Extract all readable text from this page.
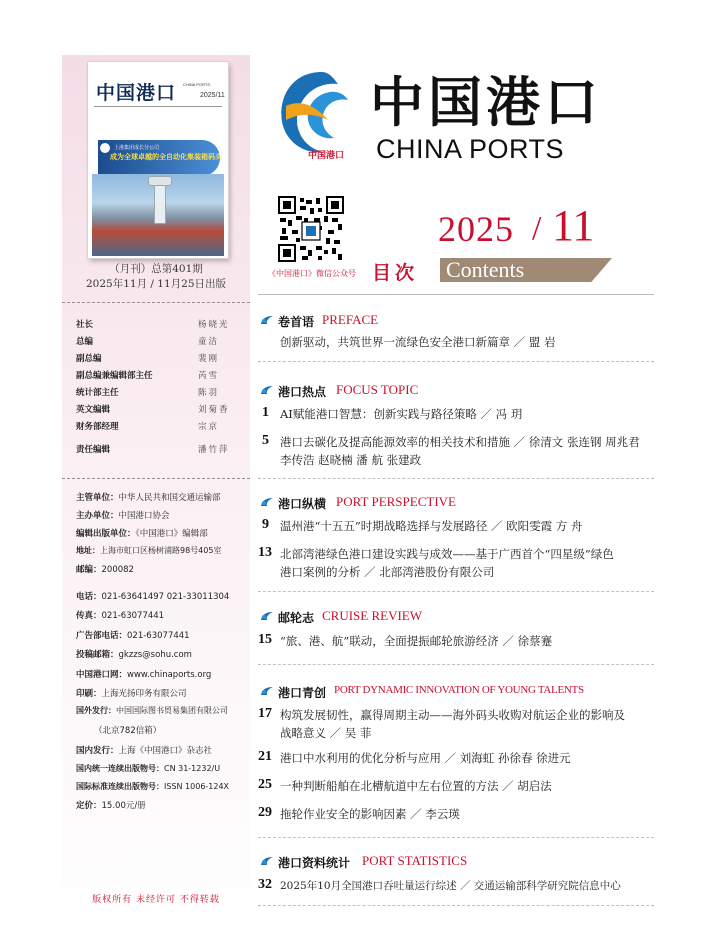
中国港口 CHINA PORTS
2025/11
上港集团成长分公司
成为全球卓越的全自动化集装箱码头
（月刊）总第401期
2025年11月 / 11月25日出版
社长	杨晓光
总编	童洁
副总编	裴刚
副总编兼编辑部主任	芮雪
统计部主任	陈羽
英文编辑	刘菊香
财务部经理	宗京
责任编辑	潘竹萍
主管单位：中华人民共和国交通运输部
主办单位：中国港口协会
编辑出版单位：《中国港口》编辑部
地址：上海市虹口区杨树浦路98号405室
邮编：200082
电话：021-63641497 021-33011304
传真：021-63077441
广告部电话：021-63077441
投稿邮箱：gkzzs@sohu.com
中国港口网：www.chinaports.org
印刷：上海光扬印务有限公司
国外发行：中国国际图书贸易集团有限公司
（北京782信箱）
国内发行：上海《中国港口》杂志社
国内统一连续出版物号：CN 31-1232/U
国际标准连续出版物号：ISSN 1006-124X
定价：15.00元/册
版权所有 未经许可 不得转载
中国港口
中国港口
CHINA PORTS
《中国港口》微信公众号
2025 / 11
目次 Contents
卷首语 PREFACE
创新驱动，共筑世界一流绿色安全港口新篇章 ／ 盟 岩
港口热点 FOCUS TOPIC
1 AI赋能港口智慧：创新实践与路径策略 ／ 冯 玥
5 港口去碳化及提高能源效率的相关技术和措施 ／ 徐清文 张连钢 周兆君
李传浩 赵晓楠 潘 航 张建政
港口纵横 PORT PERSPECTIVE
9 温州港“十五五”时期战略选择与发展路径 ／ 欧阳雯霞 方 舟
13 北部湾港绿色港口建设实践与成效——基于广西首个“四星级”绿色
港口案例的分析 ／ 北部湾港股份有限公司
邮轮志 CRUISE REVIEW
15 “旅、港、航”联动，全面提振邮轮旅游经济 ／ 徐蔡蹇
港口青创 PORT DYNAMIC INNOVATION OF YOUNG TALENTS
17 构筑发展韧性，赢得周期主动——海外码头收购对航运企业的影响及
战略意义 ／ 吴 菲
21 港口中水利用的优化分析与应用 ／ 刘海虹 孙徐春 徐进元
25 一种判断船舶在北槽航道中左右位置的方法 ／ 胡启法
29 拖轮作业安全的影响因素 ／ 李云瑛
港口资料统计 PORT STATISTICS
32 2025年10月全国港口吞吐量运行综述 ／ 交通运输部科学研究院信息中心
